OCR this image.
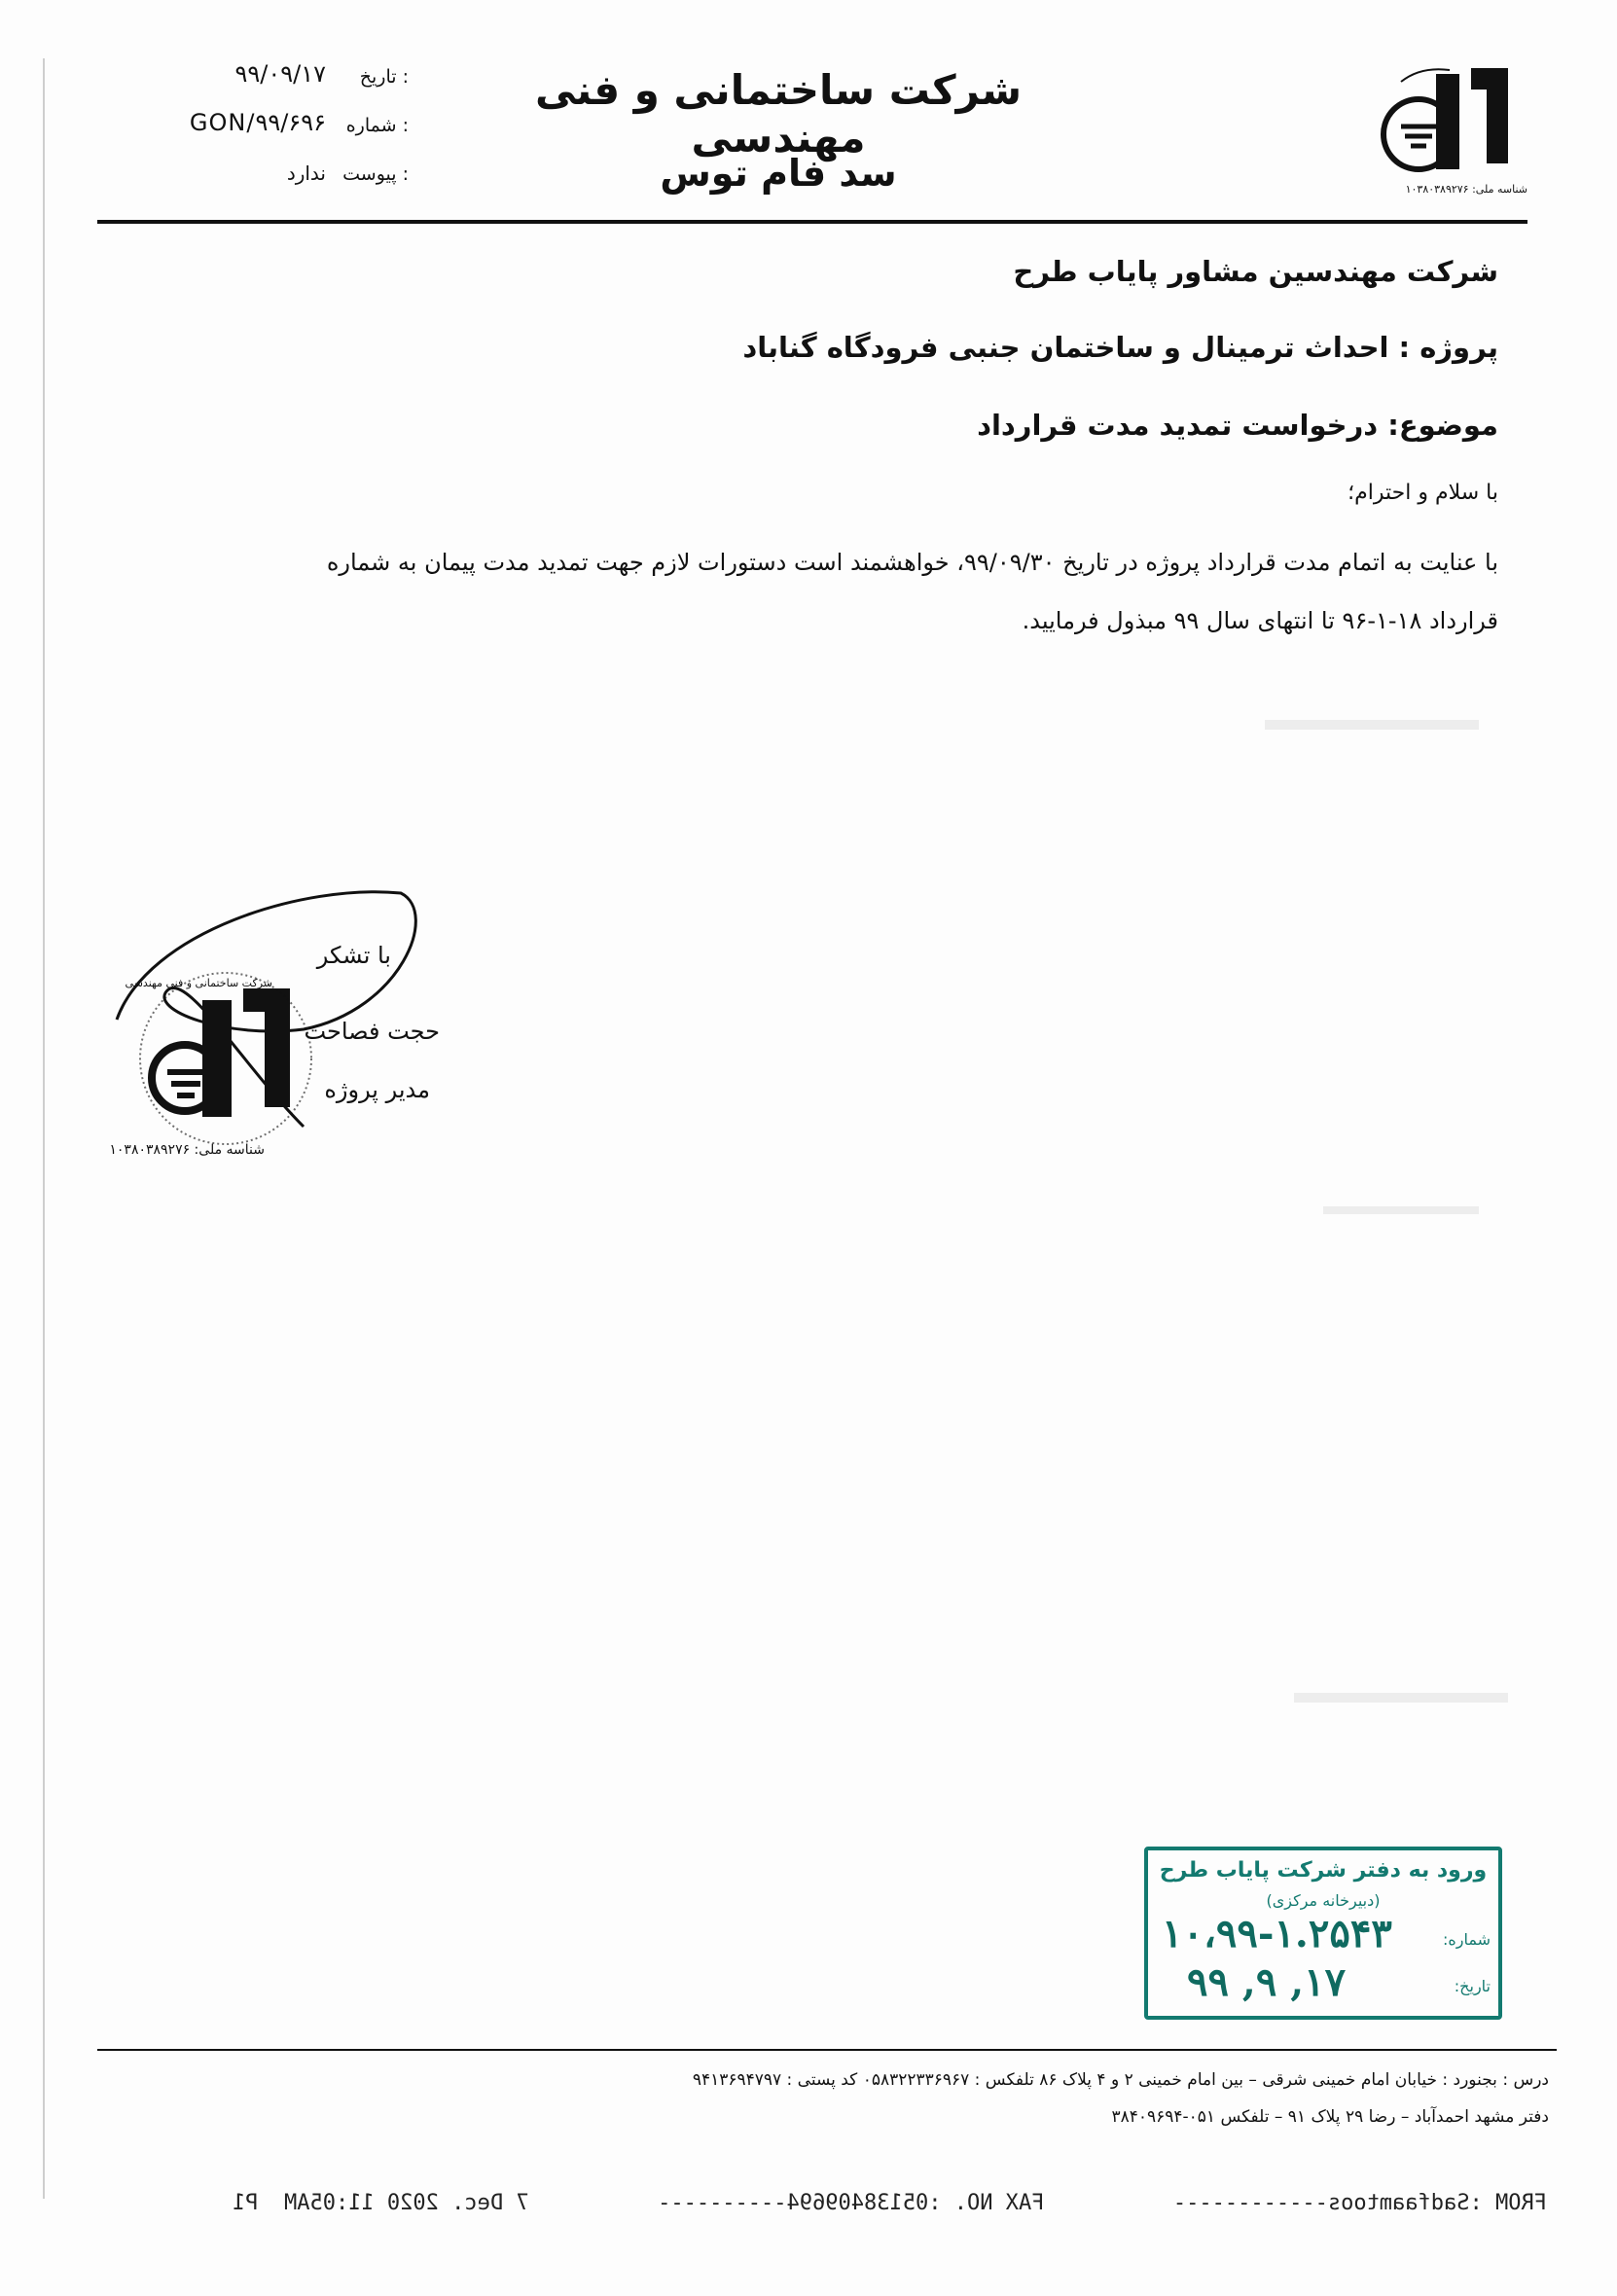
تاریخ :
۹۹/۰۹/۱۷
شماره :
GON/۹۹/۶۹۶
پیوست :
ندارد
شرکت ساختمانی و فنی مهندسی
سد فام توس	شناسه ملی: ۱۰۳۸۰۳۸۹۲۷۶
شرکت مهندسین مشاور پایاب طرح
پروژه : احداث ترمینال و ساختمان جنبی فرودگاه گناباد
موضوع: درخواست تمدید مدت قرارداد
با سلام و احترام؛
با عنایت به اتمام مدت قرارداد پروژه در تاریخ ۹۹/۰۹/۳۰، خواهشمند است دستورات لازم جهت تمدید مدت پیمان به شماره
قرارداد ۱۸-۱-۹۶ تا انتهای سال ۹۹ مبذول فرمایید.
با تشکر
حجت فصاحت
مدیر پروژه
شرکت ساختمانی و فنی مهندسی
شناسه ملی: ۱۰۳۸۰۳۸۹۲۷۶
ورود به دفتر شرکت پایاب طرح
(دبیرخانه مرکزی)
شماره:
۱۰،۹۹-۱.۲۵۴۳
تاریخ:
۹۹ ,۹ ,۱۷
درس : بجنورد : خیابان امام خمینی شرقی – بین امام خمینی ۲ و ۴ پلاک ۸۶ تلفکس : ۰۵۸۳۲۲۳۳۶۹۶۷ کد پستی : ۹۴۱۳۶۹۴۷۹۷
دفتر مشهد احمدآباد – رضا ۲۹ پلاک ۹۱ – تلفکس ۰۵۱-۳۸۴۰۹۶۹۴
FROM :Sadfaamtoos------------          FAX NO. :05138409694----------          7 Dec. 2020 11:05AM  P1
